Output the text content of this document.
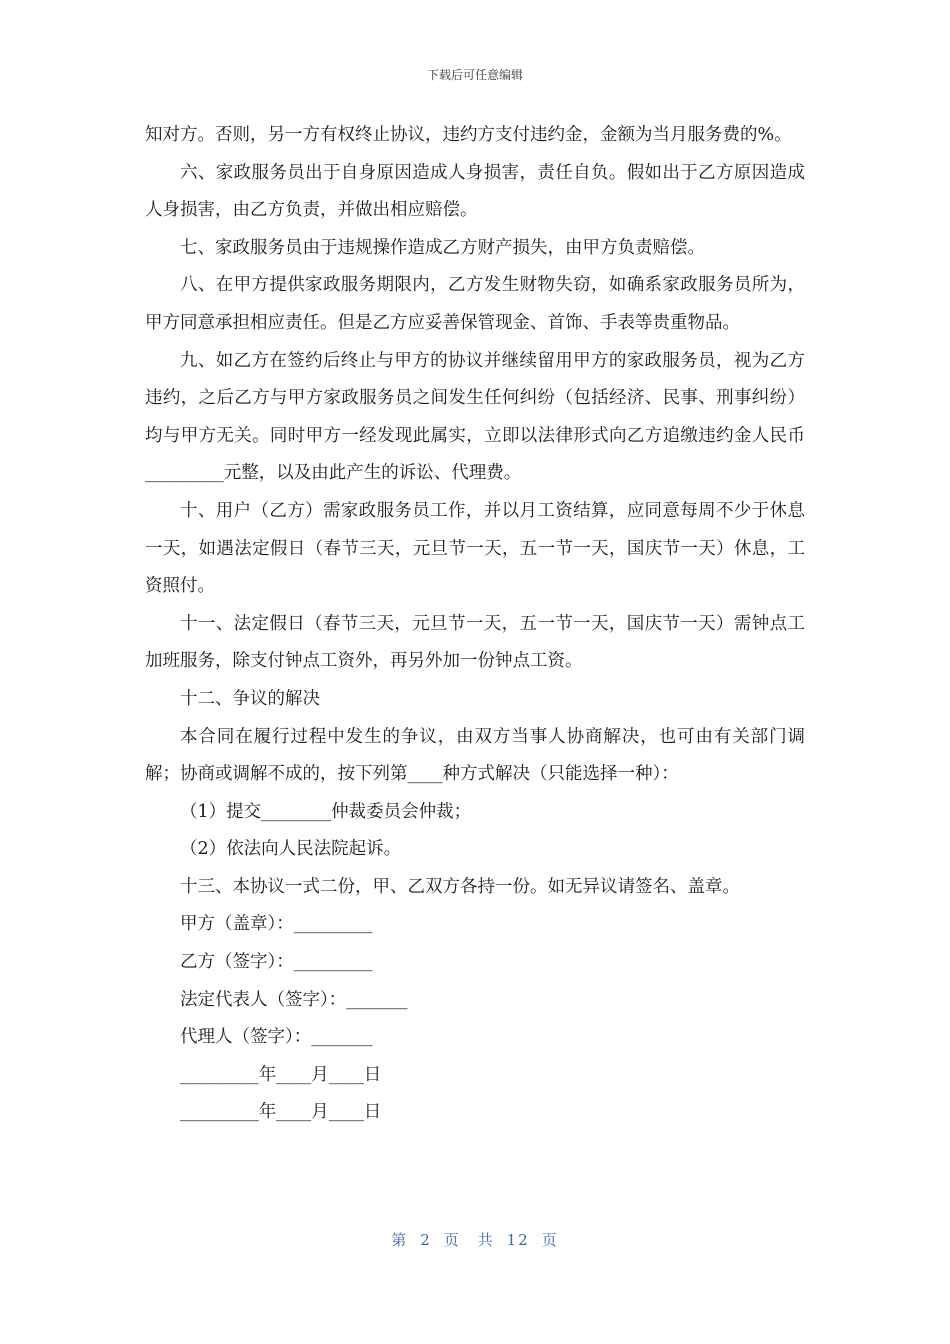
下载后可任意编辑

知对方。否则，另一方有权终止协议，违约方支付违约金，金额为当月服务费的%。

六、家政服务员出于自身原因造成人身损害，责任自负。假如出于乙方原因造成人身损害，由乙方负责，并做出相应赔偿。

七、家政服务员由于违规操作造成乙方财产损失，由甲方负责赔偿。

八、在甲方提供家政服务期限内，乙方发生财物失窃，如确系家政服务员所为，甲方同意承担相应责任。但是乙方应妥善保管现金、首饰、手表等贵重物品。

九、如乙方在签约后终止与甲方的协议并继续留用甲方的家政服务员，视为乙方违约，之后乙方与甲方家政服务员之间发生任何纠纷（包括经济、民事、刑事纠纷）均与甲方无关。同时甲方一经发现此属实，立即以法律形式向乙方追缴违约金人民币_________元整，以及由此产生的诉讼、代理费。

十、用户（乙方）需家政服务员工作，并以月工资结算，应同意每周不少于休息一天，如遇法定假日（春节三天，元旦节一天，五一节一天，国庆节一天）休息，工资照付。

十一、法定假日（春节三天，元旦节一天，五一节一天，国庆节一天）需钟点工加班服务，除支付钟点工资外，再另外加一份钟点工资。

十二、争议的解决

本合同在履行过程中发生的争议，由双方当事人协商解决，也可由有关部门调解；协商或调解不成的，按下列第____种方式解决（只能选择一种）：

（1）提交________仲裁委员会仲裁；

（2）依法向人民法院起诉。

十三、本协议一式二份，甲、乙双方各持一份。如无异议请签名、盖章。

甲方（盖章）：_________

乙方（签字）：_________

法定代表人（签字）：_______

代理人（签字）：_______

_________年____月____日

_________年____月____日

第 2 页 共 12 页
